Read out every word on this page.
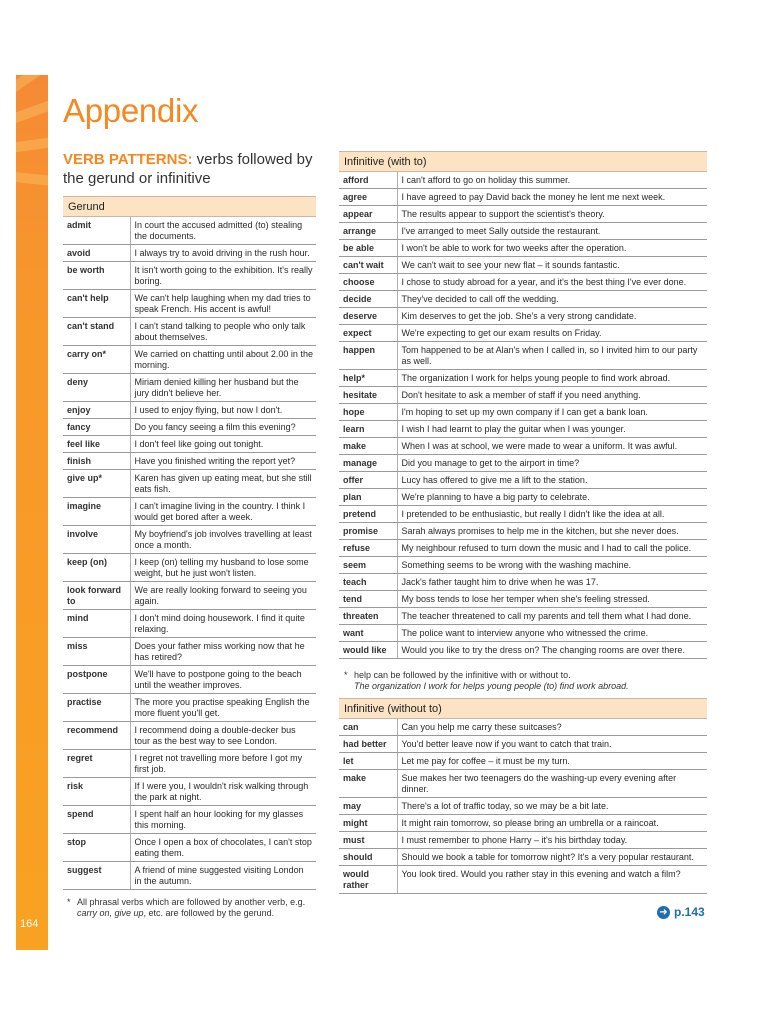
164
Appendix
VERB PATTERNS: verbs followed by the gerund or infinitive
Gerund	
admit	In court the accused admitted (to) stealing the documents.
avoid	I always try to avoid driving in the rush hour.
be worth	It isn't worth going to the exhibition. It's really boring.
can't help	We can't help laughing when my dad tries to speak French. His accent is awful!
can't stand	I can't stand talking to people who only talk about themselves.
carry on*	We carried on chatting until about 2.00 in the morning.
deny	Miriam denied killing her husband but the jury didn't believe her.
enjoy	I used to enjoy flying, but now I don't.
fancy	Do you fancy seeing a film this evening?
feel like	I don't feel like going out tonight.
finish	Have you finished writing the report yet?
give up*	Karen has given up eating meat, but she still eats fish.
imagine	I can't imagine living in the country. I think I would get bored after a week.
involve	My boyfriend's job involves travelling at least once a month.
keep (on)	I keep (on) telling my husband to lose some weight, but he just won't listen.
look forward to	We are really looking forward to seeing you again.
mind	I don't mind doing housework. I find it quite relaxing.
miss	Does your father miss working now that he has retired?
postpone	We'll have to postpone going to the beach until the weather improves.
practise	The more you practise speaking English the more fluent you'll get.
recommend	I recommend doing a double-decker bus tour as the best way to see London.
regret	I regret not travelling more before I got my first job.
risk	If I were you, I wouldn't risk walking through the park at night.
spend	I spent half an hour looking for my glasses this morning.
stop	Once I open a box of chocolates, I can't stop eating them.
suggest	A friend of mine suggested visiting London in the autumn.
* All phrasal verbs which are followed by another verb, e.g. carry on, give up, etc. are followed by the gerund.
Infinitive (with to)	
afford	I can't afford to go on holiday this summer.
agree	I have agreed to pay David back the money he lent me next week.
appear	The results appear to support the scientist's theory.
arrange	I've arranged to meet Sally outside the restaurant.
be able	I won't be able to work for two weeks after the operation.
can't wait	We can't wait to see your new flat – it sounds fantastic.
choose	I chose to study abroad for a year, and it's the best thing I've ever done.
decide	They've decided to call off the wedding.
deserve	Kim deserves to get the job. She's a very strong candidate.
expect	We're expecting to get our exam results on Friday.
happen	Tom happened to be at Alan's when I called in, so I invited him to our party as well.
help*	The organization I work for helps young people to find work abroad.
hesitate	Don't hesitate to ask a member of staff if you need anything.
hope	I'm hoping to set up my own company if I can get a bank loan.
learn	I wish I had learnt to play the guitar when I was younger.
make	When I was at school, we were made to wear a uniform. It was awful.
manage	Did you manage to get to the airport in time?
offer	Lucy has offered to give me a lift to the station.
plan	We're planning to have a big party to celebrate.
pretend	I pretended to be enthusiastic, but really I didn't like the idea at all.
promise	Sarah always promises to help me in the kitchen, but she never does.
refuse	My neighbour refused to turn down the music and I had to call the police.
seem	Something seems to be wrong with the washing machine.
teach	Jack's father taught him to drive when he was 17.
tend	My boss tends to lose her temper when she's feeling stressed.
threaten	The teacher threatened to call my parents and tell them what I had done.
want	The police want to interview anyone who witnessed the crime.
would like	Would you like to try the dress on? The changing rooms are over there.
* help can be followed by the infinitive with or without to.
The organization I work for helps young people (to) find work abroad.
Infinitive (without to)	
can	Can you help me carry these suitcases?
had better	You'd better leave now if you want to catch that train.
let	Let me pay for coffee – it must be my turn.
make	Sue makes her two teenagers do the washing-up every evening after dinner.
may	There's a lot of traffic today, so we may be a bit late.
might	It might rain tomorrow, so please bring an umbrella or a raincoat.
must	I must remember to phone Harry – it's his birthday today.
should	Should we book a table for tomorrow night? It's a very popular restaurant.
would rather	You look tired. Would you rather stay in this evening and watch a film?
➜ p.143
